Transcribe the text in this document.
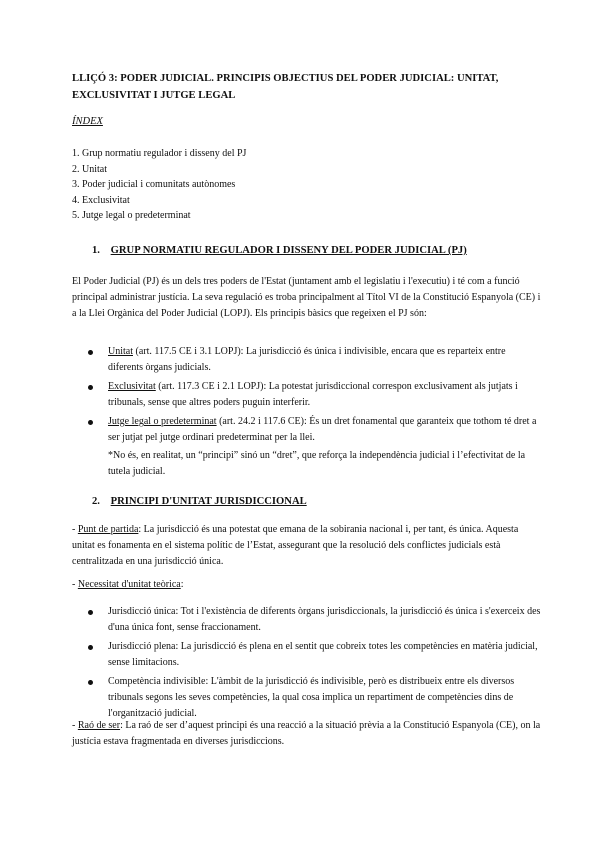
LLIÇÓ 3: PODER JUDICIAL. PRINCIPIS OBJECTIUS DEL PODER JUDICIAL: UNITAT, EXCLUSIVITAT I JUTGE LEGAL
ÍNDEX
1. Grup normatiu regulador i disseny del PJ
2. Unitat
3. Poder judicial i comunitats autònomes
4. Exclusivitat
5. Jutge legal o predeterminat
1. GRUP NORMATIU REGULADOR I DISSENY DEL PODER JUDICIAL (PJ)

El Poder Judicial (PJ) és un dels tres poders de l'Estat (juntament amb el legislatiu i l'executiu) i té com a funció principal administrar justícia. La seva regulació es troba principalment al Títol VI de la Constitució Espanyola (CE) i a la Llei Orgànica del Poder Judicial (LOPJ). Els principis bàsics que regeixen el PJ són:

Unitat (art. 117.5 CE i 3.1 LOPJ): La jurisdicció és única i indivisible, encara que es reparteix entre diferents òrgans judicials.
Exclusivitat (art. 117.3 CE i 2.1 LOPJ): La potestat jurisdiccional correspon exclusivament als jutjats i tribunals, sense que altres poders puguin interferir.
Jutge legal o predeterminat (art. 24.2 i 117.6 CE): És un dret fonamental que garanteix que tothom té dret a ser jutjat pel jutge ordinari predeterminat per la llei.
*No és, en realitat, un “principi” sinó un “dret”, que reforça la independència judicial i l’efectivitat de la tutela judicial.
2. PRINCIPI D'UNITAT JURISDICCIONAL

- Punt de partida: La jurisdicció és una potestat que emana de la sobirania nacional i, per tant, és única. Aquesta unitat es fonamenta en el sistema polític de l’Estat, assegurant que la resolució dels conflictes judicials està centralitzada en una jurisdicció única.

- Necessitat d'unitat teòrica:

Jurisdicció única: Tot i l'existència de diferents òrgans jurisdiccionals, la jurisdicció és única i s'exerceix des d'una única font, sense fraccionament.
Jurisdicció plena: La jurisdicció és plena en el sentit que cobreix totes les competències en matèria judicial, sense limitacions.
Competència indivisible: L'àmbit de la jurisdicció és indivisible, però es distribueix entre els diversos tribunals segons les seves competències, la qual cosa implica un repartiment de competències dins de l'organització judicial.

- Raó de ser: La raó de ser d’aquest principi és una reacció a la situació prèvia a la Constitució Espanyola (CE), on la justícia estava fragmentada en diverses jurisdiccions.
